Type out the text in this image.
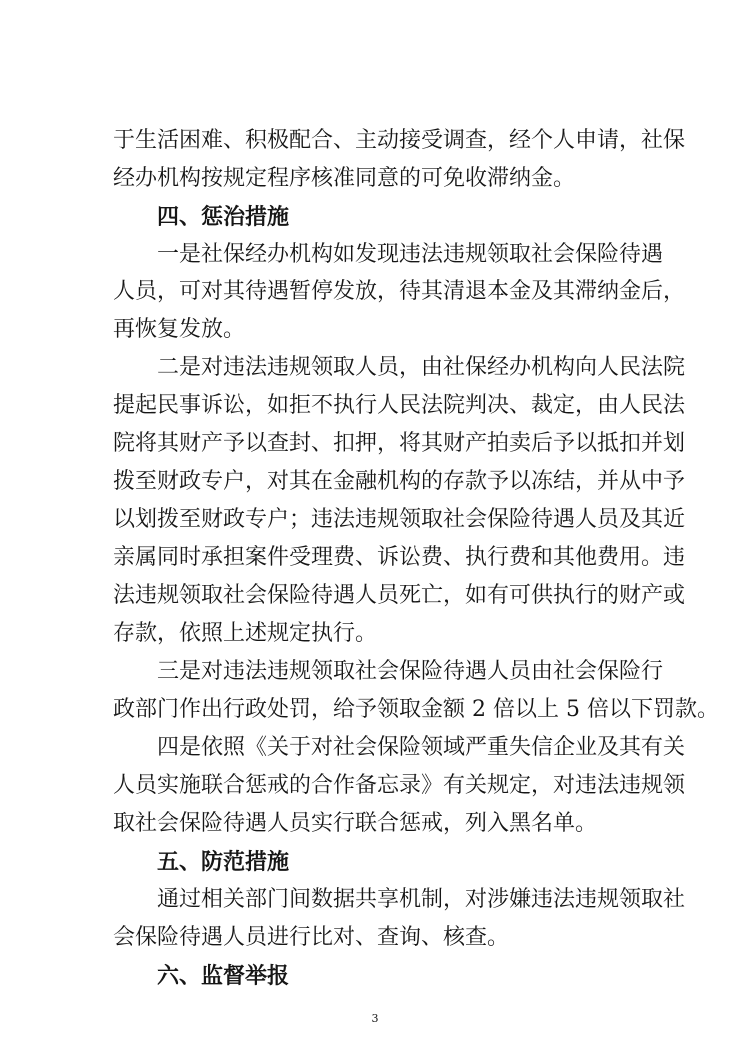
于生活困难、积极配合、主动接受调查，经个人申请，社保
经办机构按规定程序核准同意的可免收滞纳金。
四、惩治措施
一是社保经办机构如发现违法违规领取社会保险待遇
人员，可对其待遇暂停发放，待其清退本金及其滞纳金后，
再恢复发放。
二是对违法违规领取人员，由社保经办机构向人民法院
提起民事诉讼，如拒不执行人民法院判决、裁定，由人民法
院将其财产予以查封、扣押，将其财产拍卖后予以抵扣并划
拨至财政专户，对其在金融机构的存款予以冻结，并从中予
以划拨至财政专户；违法违规领取社会保险待遇人员及其近
亲属同时承担案件受理费、诉讼费、执行费和其他费用。违
法违规领取社会保险待遇人员死亡，如有可供执行的财产或
存款，依照上述规定执行。
三是对违法违规领取社会保险待遇人员由社会保险行
政部门作出行政处罚，给予领取金额 2 倍以上 5 倍以下罚款。
四是依照《关于对社会保险领域严重失信企业及其有关
人员实施联合惩戒的合作备忘录》有关规定，对违法违规领
取社会保险待遇人员实行联合惩戒，列入黑名单。
五、防范措施
通过相关部门间数据共享机制，对涉嫌违法违规领取社
会保险待遇人员进行比对、查询、核查。
六、监督举报
3
